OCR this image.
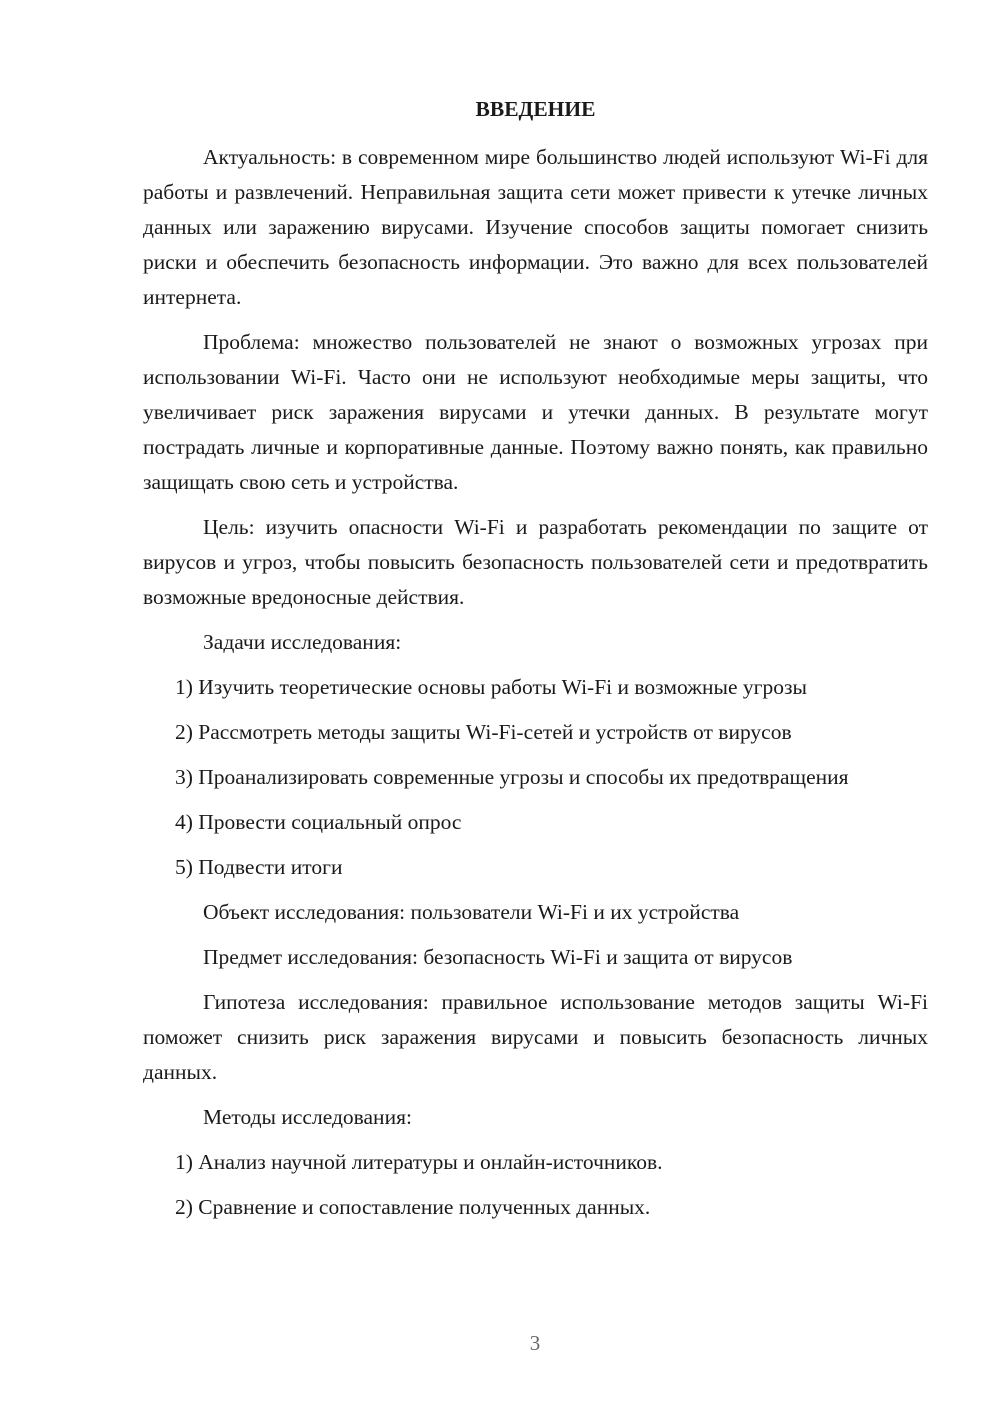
ВВЕДЕНИЕ

Актуальность: в современном мире большинство людей используют Wi-Fi для работы и развлечений. Неправильная защита сети может привести к утечке личных данных или заражению вирусами. Изучение способов защиты помогает снизить риски и обеспечить безопасность информации. Это важно для всех пользователей интернета.

Проблема: множество пользователей не знают о возможных угрозах при использовании Wi-Fi. Часто они не используют необходимые меры защиты, что увеличивает риск заражения вирусами и утечки данных. В результате могут пострадать личные и корпоративные данные. Поэтому важно понять, как правильно защищать свою сеть и устройства.

Цель: изучить опасности Wi-Fi и разработать рекомендации по защите от вирусов и угроз, чтобы повысить безопасность пользователей сети и предотвратить возможные вредоносные действия.

Задачи исследования:

1) Изучить теоретические основы работы Wi-Fi и возможные угрозы

2) Рассмотреть методы защиты Wi-Fi-сетей и устройств от вирусов

3) Проанализировать современные угрозы и способы их предотвращения

4) Провести социальный опрос

5) Подвести итоги

Объект исследования: пользователи Wi-Fi и их устройства

Предмет исследования: безопасность Wi-Fi и защита от вирусов

Гипотеза исследования: правильное использование методов защиты Wi-Fi поможет снизить риск заражения вирусами и повысить безопасность личных данных.

Методы исследования:

1) Анализ научной литературы и онлайн-источников.

2) Сравнение и сопоставление полученных данных.

3
